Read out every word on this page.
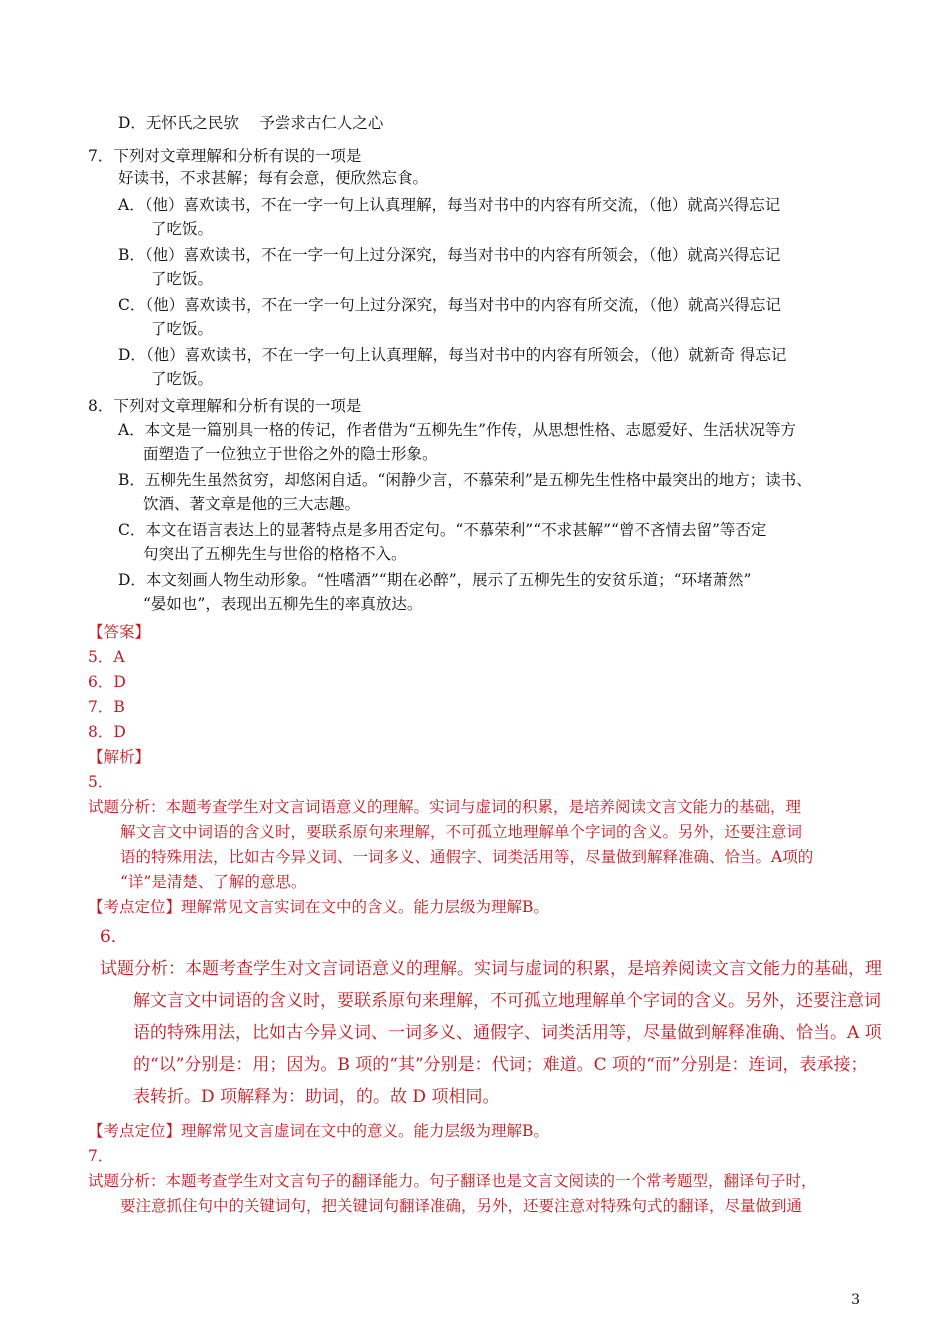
D．无怀氏之民欤　 予尝求古仁人之心
7．下列对文章理解和分析有误的一项是
好读书，不求甚解；每有会意，便欣然忘食。
A．（他）喜欢读书，不在一字一句上认真理解，每当对书中的内容有所交流，（他）就高兴得忘记
了吃饭。
B．（他）喜欢读书，不在一字一句上过分深究，每当对书中的内容有所领会，（他）就高兴得忘记
了吃饭。
C．（他）喜欢读书，不在一字一句上过分深究，每当对书中的内容有所交流，（他）就高兴得忘记
了吃饭。
D．（他）喜欢读书，不在一字一句上认真理解，每当对书中的内容有所领会，（他）就新奇 得忘记
了吃饭。
8．下列对文章理解和分析有误的一项是
A．本文是一篇别具一格的传记，作者借为“五柳先生”作传，从思想性格、志愿爱好、生活状况等方
面塑造了一位独立于世俗之外的隐士形象。
B．五柳先生虽然贫穷，却悠闲自适。“闲静少言，不慕荣利”是五柳先生性格中最突出的地方；读书、
饮酒、著文章是他的三大志趣。
C．本文在语言表达上的显著特点是多用否定句。“不慕荣利”“不求甚解”“曾不吝情去留”等否定
句突出了五柳先生与世俗的格格不入。
D．本文刻画人物生动形象。“性嗜酒”“期在必醉”，展示了五柳先生的安贫乐道；“环堵萧然”
“晏如也”，表现出五柳先生的率真放达。
【答案】
5．A
6．D
7．B
8．D
【解析】
5．
试题分析：本题考查学生对文言词语意义的理解。实词与虚词的积累，是培养阅读文言文能力的基础，理
解文言文中词语的含义时，要联系原句来理解，不可孤立地理解单个字词的含义。另外，还要注意词
语的特殊用法，比如古今异义词、一词多义、通假字、词类活用等，尽量做到解释准确、恰当。A项的
“详”是清楚、了解的意思。
【考点定位】理解常见文言实词在文中的含义。能力层级为理解B。
6．
试题分析：本题考查学生对文言词语意义的理解。实词与虚词的积累，是培养阅读文言文能力的基础，理
解文言文中词语的含义时，要联系原句来理解，不可孤立地理解单个字词的含义。另外，还要注意词
语的特殊用法，比如古今异义词、一词多义、通假字、词类活用等，尽量做到解释准确、恰当。A 项
的“以”分别是：用；因为。B 项的“其”分别是：代词；难道。C 项的“而”分别是：连词，表承接；
表转折。D 项解释为：助词，的。故 D 项相同。
【考点定位】理解常见文言虚词在文中的意义。能力层级为理解B。
7．
试题分析：本题考查学生对文言句子的翻译能力。句子翻译也是文言文阅读的一个常考题型，翻译句子时，
要注意抓住句中的关键词句，把关键词句翻译准确，另外，还要注意对特殊句式的翻译，尽量做到通
3
